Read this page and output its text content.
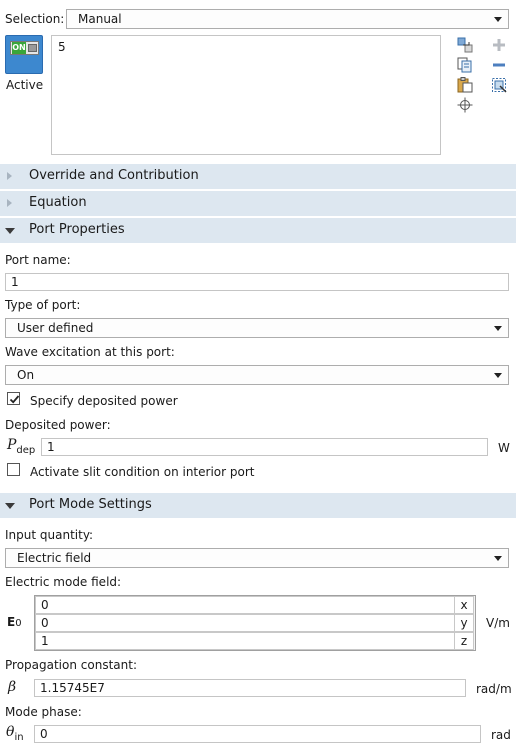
Selection:	Manual
ON
Active
5
Override and Contribution
Equation
Port Properties
Port name:
1
Type of port:
User defined
Wave excitation at this port:
On
Specify deposited power
Deposited power:
$P_{dep}$ 1	W
Activate slit condition on interior port
Port Mode Settings
Input quantity:
Electric field
Electric mode field:
E0
0	x
0	y
1	z
V/m
Propagation constant:
β	1.15745E7	rad/m
Mode phase:
$\theta_{in}$	0	rad
